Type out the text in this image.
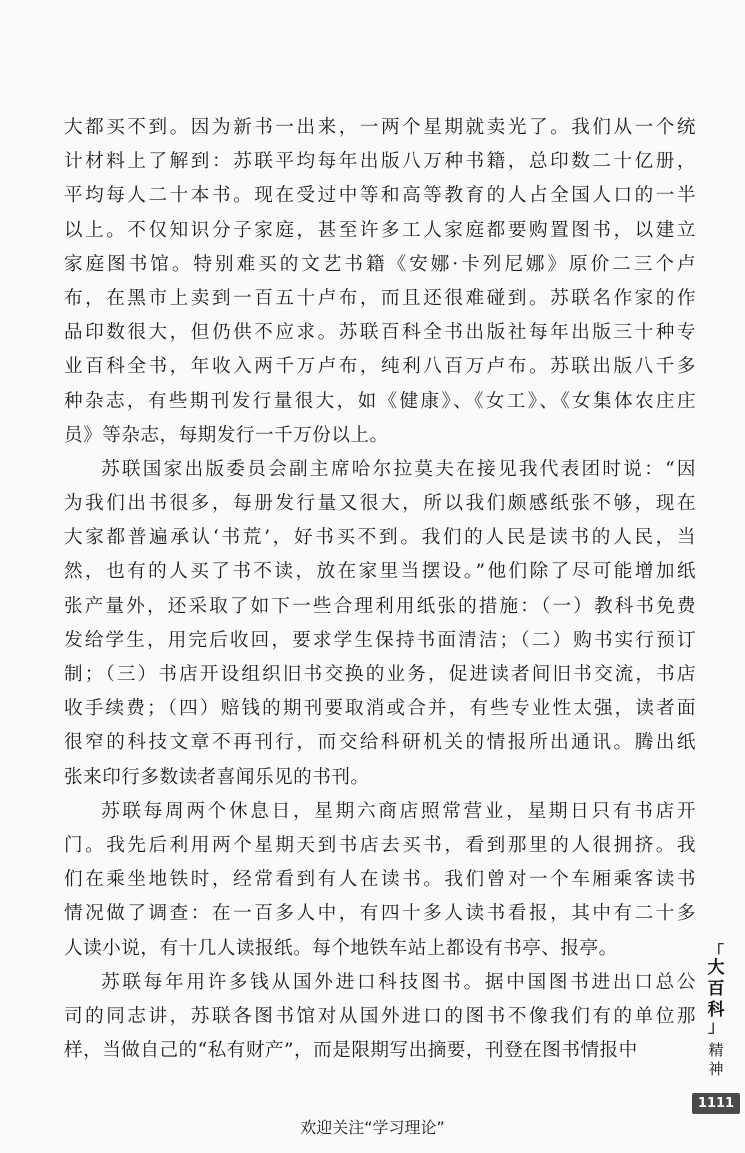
大都买不到。因为新书一出来，一两个星期就卖光了。我们从一个统
计材料上了解到：苏联平均每年出版八万种书籍，总印数二十亿册，
平均每人二十本书。现在受过中等和高等教育的人占全国人口的一半
以上。不仅知识分子家庭，甚至许多工人家庭都要购置图书，以建立
家庭图书馆。特别难买的文艺书籍《安娜·卡列尼娜》原价二三个卢
布，在黑市上卖到一百五十卢布，而且还很难碰到。苏联名作家的作
品印数很大，但仍供不应求。苏联百科全书出版社每年出版三十种专
业百科全书，年收入两千万卢布，纯利八百万卢布。苏联出版八千多
种杂志，有些期刊发行量很大，如《健康》、《女工》、《女集体农庄庄
员》等杂志，每期发行一千万份以上。
苏联国家出版委员会副主席哈尔拉莫夫在接见我代表团时说：“因
为我们出书很多，每册发行量又很大，所以我们颇感纸张不够，现在
大家都普遍承认‘书荒’，好书买不到。我们的人民是读书的人民，当
然，也有的人买了书不读，放在家里当摆设。”他们除了尽可能增加纸
张产量外，还采取了如下一些合理利用纸张的措施：（一）教科书免费
发给学生，用完后收回，要求学生保持书面清洁；（二）购书实行预订
制；（三）书店开设组织旧书交换的业务，促进读者间旧书交流，书店
收手续费；（四）赔钱的期刊要取消或合并，有些专业性太强，读者面
很窄的科技文章不再刊行，而交给科研机关的情报所出通讯。腾出纸
张来印行多数读者喜闻乐见的书刊。
苏联每周两个休息日，星期六商店照常营业，星期日只有书店开
门。我先后利用两个星期天到书店去买书，看到那里的人很拥挤。我
们在乘坐地铁时，经常看到有人在读书。我们曾对一个车厢乘客读书
情况做了调查：在一百多人中，有四十多人读书看报，其中有二十多
人读小说，有十几人读报纸。每个地铁车站上都设有书亭、报亭。
苏联每年用许多钱从国外进口科技图书。据中国图书进出口总公
司的同志讲，苏联各图书馆对从国外进口的图书不像我们有的单位那
样，当做自己的“私有财产”，而是限期写出摘要，刊登在图书情报中
「
大
百
科
」
精
神
1111
欢迎关注“学习理论”
